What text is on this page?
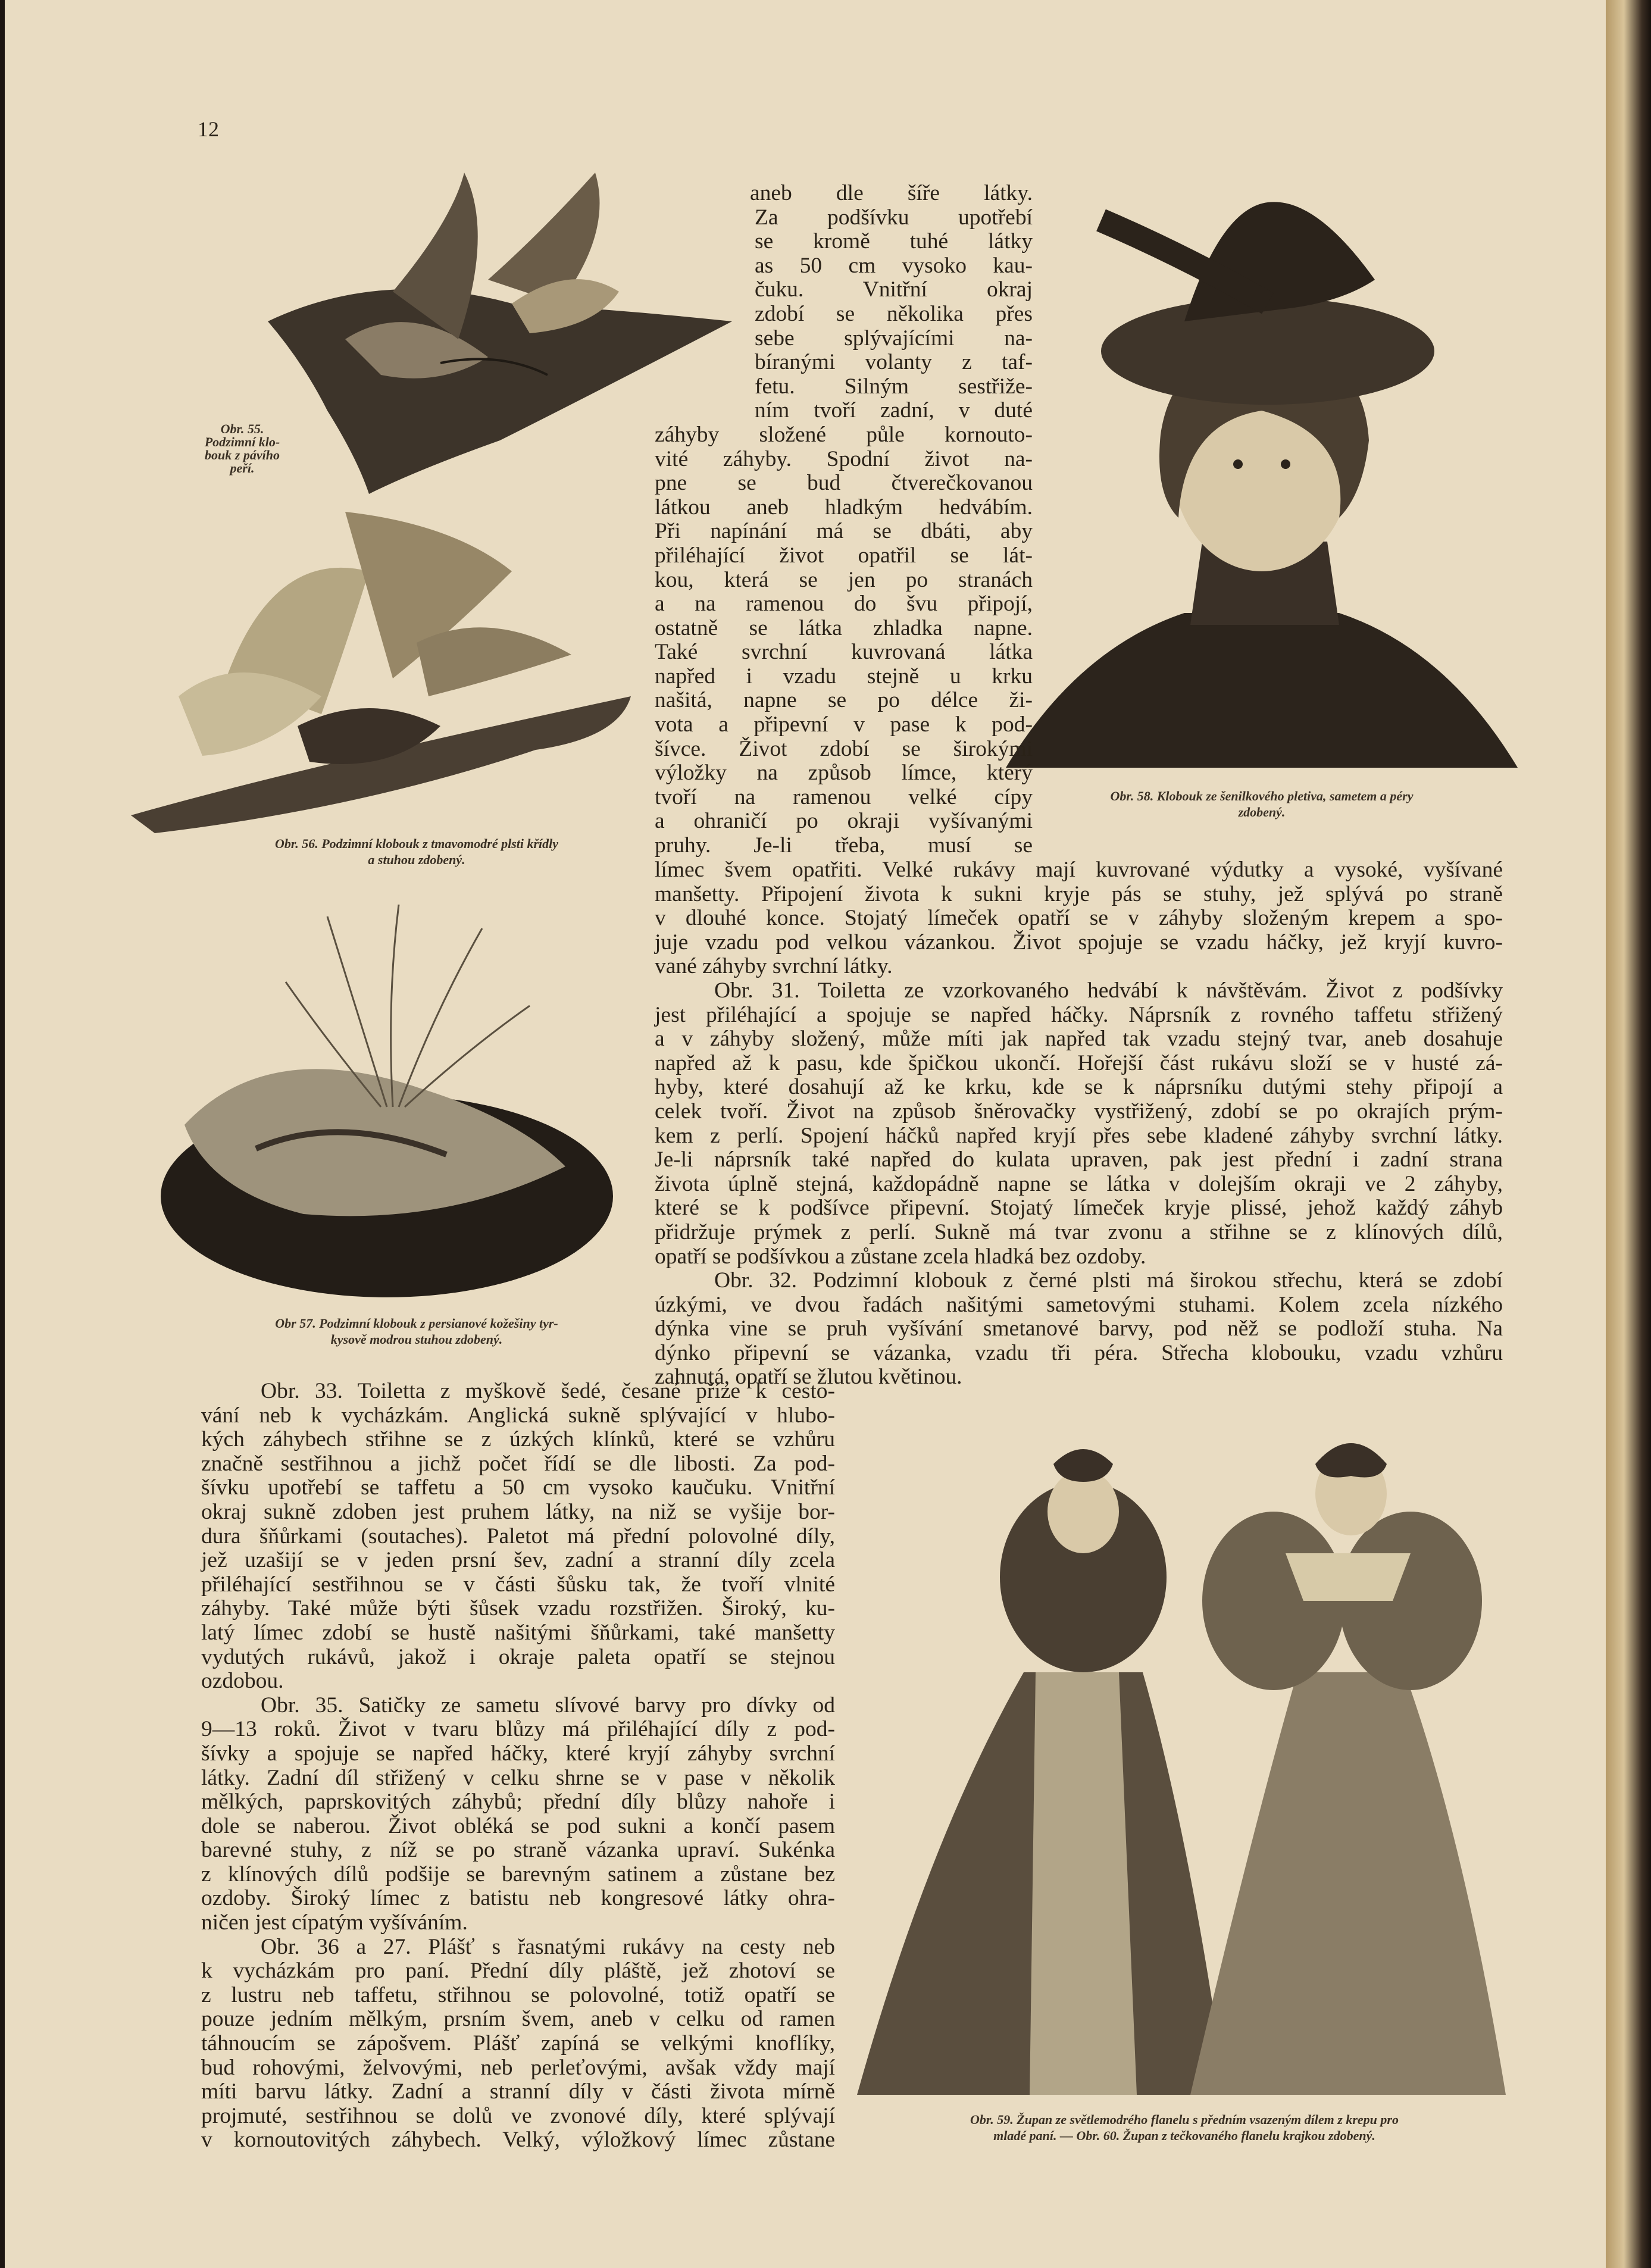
12
Obr. 55.
Podzimní klo-
bouk z pávího
peří.
Obr. 56. Podzimní klobouk z tmavomodré plsti křídly
a stuhou zdobený.
Obr 57. Podzimní klobouk z persianové kožešiny tyr-
kysově modrou stuhou zdobený.
Obr. 58. Klobouk ze šenilkového pletiva, sametem a péry
zdobený.
Obr. 59. Župan ze světlemodrého flanelu s předním vsazeným dílem z krepu pro
mladé paní. — Obr. 60. Župan z tečkovaného flanelu krajkou zdobený.
aneb dle šíře látky.
Za podšívku upotřebí
se kromě tuhé látky
as 50 cm vysoko kau-
čuku. Vnitřní okraj
zdobí se několika přes
sebe splývajícími na-
bíranými volanty z taf-
fetu. Silným sestřiže-
ním tvoří zadní, v duté
záhyby složené půle kornouto-
vité záhyby. Spodní život na-
pne se bud čtverečkovanou
látkou aneb hladkým hedvábím.
Při napínání má se dbáti, aby
přiléhající život opatřil se lát-
kou, která se jen po stranách
a na ramenou do švu připojí,
ostatně se látka zhladka napne.
Také svrchní kuvrovaná látka
napřed i vzadu stejně u krku
našitá, napne se po délce ži-
vota a připevní v pase k pod-
šívce. Život zdobí se širokými
výložky na způsob límce, který
tvoří na ramenou velké cípy
a ohraničí po okraji vyšívanými
pruhy. Je-li třeba, musí se
límec švem opatřiti. Velké rukávy mají kuvrované výdutky a vysoké, vyšívané
manšetty. Připojení života k sukni kryje pás se stuhy, jež splývá po straně
v dlouhé konce. Stojatý límeček opatří se v záhyby složeným krepem a spo-
juje vzadu pod velkou vázankou. Život spojuje se vzadu háčky, jež kryjí kuvro-
vané záhyby svrchní látky.
Obr. 31. Toiletta ze vzorkovaného hedvábí k návštěvám. Život z podšívky
jest přiléhající a spojuje se napřed háčky. Náprsník z rovného taffetu střižený
a v záhyby složený, může míti jak napřed tak vzadu stejný tvar, aneb dosahuje
napřed až k pasu, kde špičkou ukončí. Hořejší část rukávu složí se v husté zá-
hyby, které dosahují až ke krku, kde se k náprsníku dutými stehy připojí a
celek tvoří. Život na způsob šněrovačky vystřižený, zdobí se po okrajích prým-
kem z perlí. Spojení háčků napřed kryjí přes sebe kladené záhyby svrchní látky.
Je-li náprsník také napřed do kulata upraven, pak jest přední i zadní strana
života úplně stejná, každopádně napne se látka v dolejším okraji ve 2 záhyby,
které se k podšívce připevní. Stojatý límeček kryje plissé, jehož každý záhyb
přidržuje prýmek z perlí. Sukně má tvar zvonu a střihne se z klínových dílů,
opatří se podšívkou a zůstane zcela hladká bez ozdoby.
Obr. 32. Podzimní klobouk z černé plsti má širokou střechu, která se zdobí
úzkými, ve dvou řadách našitými sametovými stuhami. Kolem zcela nízkého
dýnka vine se pruh vyšívání smetanové barvy, pod něž se podloží stuha. Na
dýnko připevní se vázanka, vzadu tři péra. Střecha klobouku, vzadu vzhůru
zahnutá, opatří se žlutou květinou.
Obr. 33. Toiletta z myškově šedé, česané příze k cesto-
vání neb k vycházkám. Anglická sukně splývající v hlubo-
kých záhybech střihne se z úzkých klínků, které se vzhůru
značně sestřihnou a jichž počet řídí se dle libosti. Za pod-
šívku upotřebí se taffetu a 50 cm vysoko kaučuku. Vnitřní
okraj sukně zdoben jest pruhem látky, na niž se vyšije bor-
dura šňůrkami (soutaches). Paletot má přední polovolné díly,
jež uzašijí se v jeden prsní šev, zadní a stranní díly zcela
přiléhající sestřihnou se v části šůsku tak, že tvoří vlnité
záhyby. Také může býti šůsek vzadu rozstřižen. Široký, ku-
latý límec zdobí se hustě našitými šňůrkami, také manšetty
vydutých rukávů, jakož i okraje paleta opatří se stejnou
ozdobou.
Obr. 35. Satičky ze sametu slívové barvy pro dívky od
9—13 roků. Život v tvaru blůzy má přiléhající díly z pod-
šívky a spojuje se napřed háčky, které kryjí záhyby svrchní
látky. Zadní díl střižený v celku shrne se v pase v několik
mělkých, paprskovitých záhybů; přední díly blůzy nahoře i
dole se naberou. Život obléká se pod sukni a končí pasem
barevné stuhy, z níž se po straně vázanka upraví. Sukénka
z klínových dílů podšije se barevným satinem a zůstane bez
ozdoby. Široký límec z batistu neb kongresové látky ohra-
ničen jest cípatým vyšíváním.
Obr. 36 a 27. Plášť s řasnatými rukávy na cesty neb
k vycházkám pro paní. Přední díly pláště, jež zhotoví se
z lustru neb taffetu, střihnou se polovolné, totiž opatří se
pouze jedním mělkým, prsním švem, aneb v celku od ramen
táhnoucím se zápošvem. Plášť zapíná se velkými knoflíky,
bud rohovými, želvovými, neb perleťovými, avšak vždy mají
míti barvu látky. Zadní a stranní díly v části života mírně
projmuté, sestřihnou se dolů ve zvonové díly, které splývají
v kornoutovitých záhybech. Velký, výložkový límec zůstane
